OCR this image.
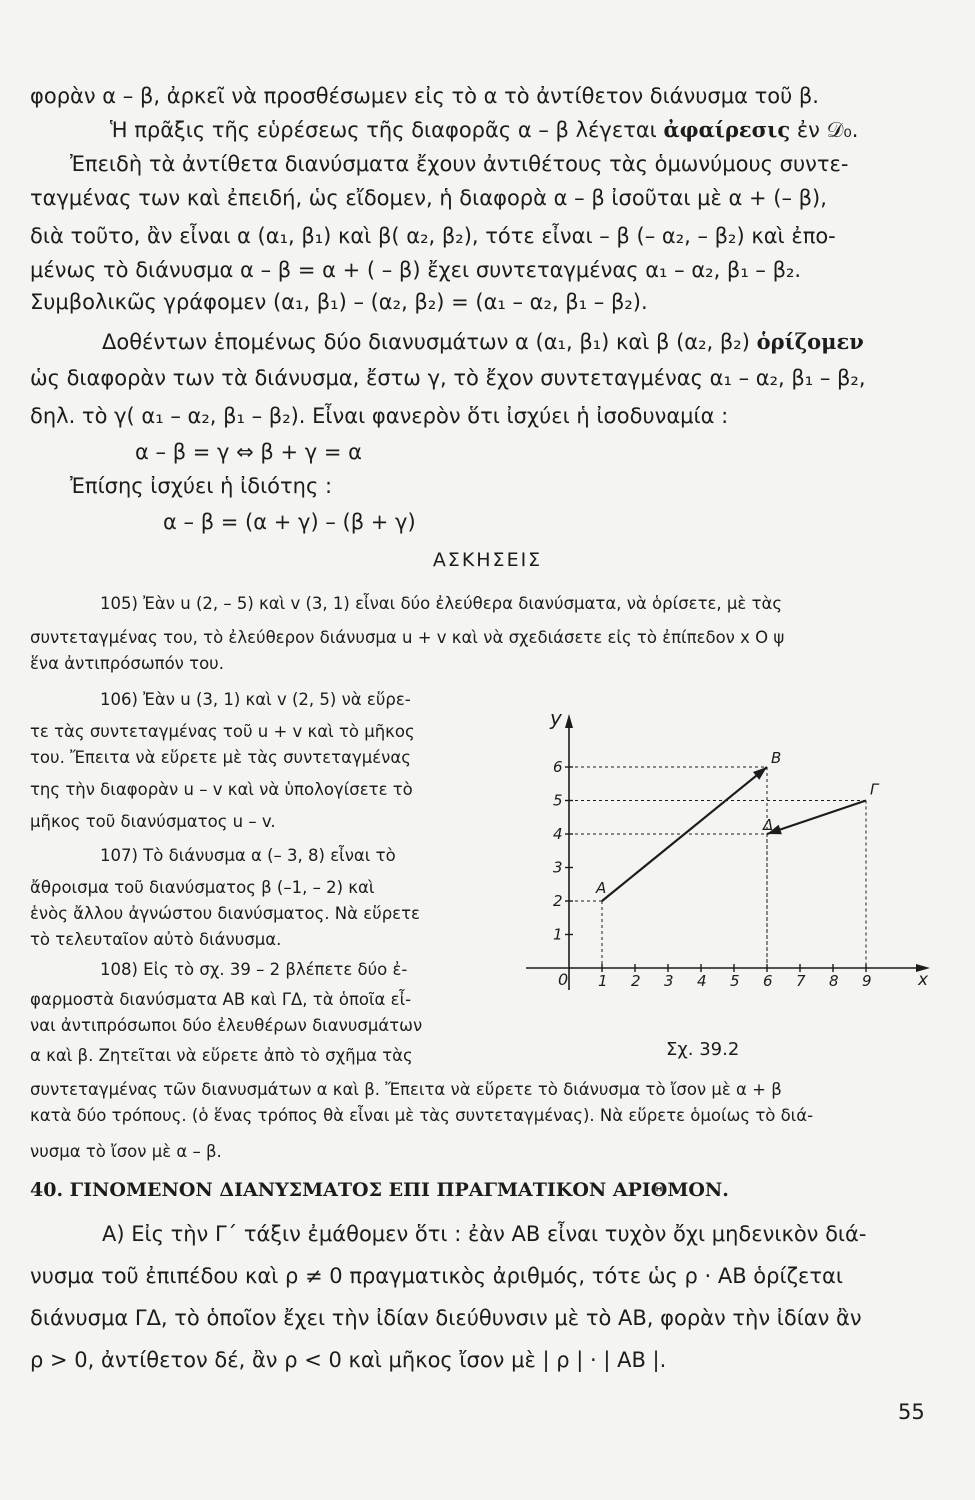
φορὰν α – β, ἀρκεῖ νὰ προσθέσωμεν εἰς τὸ α τὸ ἀντίθετον διάνυσμα τοῦ β.
Ἡ πρᾶξις τῆς εὑρέσεως τῆς διαφορᾶς α – β λέγεται ἀφαίρεσις ἐν 𝒟₀.
Ἐπειδὴ τὰ ἀντίθετα διανύσματα ἔχουν ἀντιθέτους τὰς ὁμωνύμους συντε-
ταγμένας των καὶ ἐπειδή, ὡς εἴδομεν, ἡ διαφορὰ α – β ἰσοῦται μὲ α + (– β),
διὰ τοῦτο, ἂν εἶναι α (α₁, β₁) καὶ β( α₂, β₂), τότε εἶναι – β (– α₂, – β₂) καὶ ἐπο-
μένως τὸ διάνυσμα α – β = α + ( – β) ἔχει συντεταγμένας α₁ – α₂, β₁ – β₂.
Συμβολικῶς γράφομεν (α₁, β₁) – (α₂, β₂) = (α₁ – α₂, β₁ – β₂).
Δοθέντων ἑπομένως δύο διανυσμάτων α (α₁, β₁) καὶ β (α₂, β₂) ὁρίζομεν
ὡς διαφορὰν των τὰ διάνυσμα, ἔστω γ, τὸ ἔχον συντεταγμένας α₁ – α₂, β₁ – β₂,
δηλ. τὸ γ( α₁ – α₂, β₁ – β₂). Εἶναι φανερὸν ὅτι ἰσχύει ἡ ἰσοδυναμία :
α – β = γ ⇔ β + γ = α
Ἐπίσης ἰσχύει ἡ ἰδιότης :
α – β = (α + γ) – (β + γ)
ΑΣΚΗΣΕΙΣ
105) Ἐὰν u (2, – 5) καὶ v (3, 1) εἶναι δύο ἐλεύθερα διανύσματα, νὰ ὁρίσετε, μὲ τὰς
συντεταγμένας του, τὸ ἐλεύθερον διάνυσμα u + v καὶ νὰ σχεδιάσετε εἰς τὸ ἐπίπεδον x O ψ
ἕνα ἀντιπρόσωπόν του.
106) Ἐὰν u (3, 1) καὶ v (2, 5) νὰ εὕρε-
τε τὰς συντεταγμένας τοῦ u + v καὶ τὸ μῆκος
του. Ἔπειτα νὰ εὕρετε μὲ τὰς συντεταγμένας
της τὴν διαφορὰν u – v καὶ νὰ ὑπολογίσετε τὸ
μῆκος τοῦ διανύσματος u – v.
107) Τὸ διάνυσμα α (– 3, 8) εἶναι τὸ
ἄθροισμα τοῦ διανύσματος β (–1, – 2) καὶ
ἑνὸς ἄλλου ἀγνώστου διανύσματος. Νὰ εὕρετε
τὸ τελευταῖον αὐτὸ διάνυσμα.
108) Εἰς τὸ σχ. 39 – 2 βλέπετε δύο ἐ-
φαρμοστὰ διανύσματα AB καὶ ΓΔ, τὰ ὁποῖα εἶ-
ναι ἀντιπρόσωποι δύο ἐλευθέρων διανυσμάτων
α καὶ β. Ζητεῖται νὰ εὕρετε ἀπὸ τὸ σχῆμα τὰς
συντεταγμένας τῶν διανυσμάτων α καὶ β. Ἔπειτα νὰ εὕρετε τὸ διάνυσμα τὸ ἴσον μὲ α + β
κατὰ δύο τρόπους. (ὁ ἕνας τρόπος θὰ εἶναι μὲ τὰς συντεταγμένας). Νὰ εὕρετε ὁμοίως τὸ διά-
νυσμα τὸ ἴσον μὲ α – β.
1 2 3 4 5 6 7 8 9
1
2
3
4
5
6
y
x
0
A
B
Γ
Δ
Σχ. 39.2
40. ΓΙΝΟΜΕΝΟΝ ΔΙΑΝΥΣΜΑΤΟΣ ΕΠΙ ΠΡΑΓΜΑΤΙΚΟΝ ΑΡΙΘΜΟΝ.
Α) Εἰς τὴν Γ΄ τάξιν ἐμάθομεν ὅτι : ἐὰν AB εἶναι τυχὸν ὄχι μηδενικὸν διά-
νυσμα τοῦ ἐπιπέδου καὶ ρ ≠ 0 πραγματικὸς ἀριθμός, τότε ὡς ρ · AB ὁρίζεται
διάνυσμα ΓΔ, τὸ ὁποῖον ἔχει τὴν ἰδίαν διεύθυνσιν μὲ τὸ AB, φορὰν τὴν ἰδίαν ἂν
ρ > 0, ἀντίθετον δέ, ἂν ρ < 0 καὶ μῆκος ἴσον μὲ | ρ | · | AB |.
55
